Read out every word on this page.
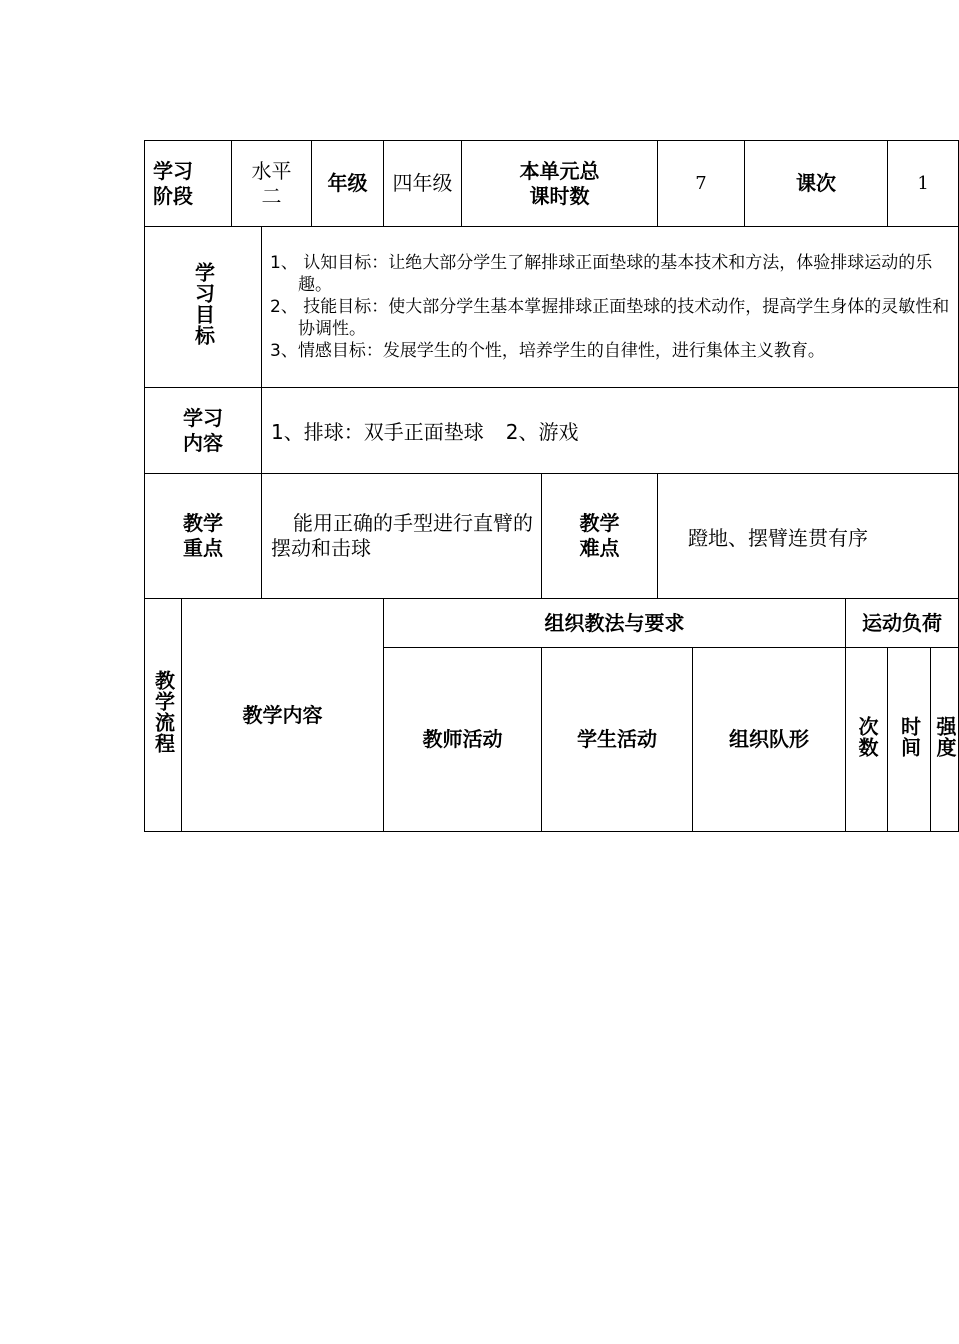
学习阶段		水平二		年级	四年级	本单元总课时数		7		课次		1	
学习目标			1、 认知目标：让绝大部分学生了解排球正面垫球的基本技术和方法，体验排球运动的乐趣。
2、 技能目标：使大部分学生基本掌握排球正面垫球的技术动作，提高学生身体的灵敏性和协调性。
3、情感目标：发展学生的个性，培养学生的自律性，进行集体主义教育。										

学习内容			1、排球：双手正面垫球 2、游戏										

教学重点			能用正确的手型进行直臂的摆动和击球				教学难点	蹬地、摆臂连贯有序					
教学流程	教学内容				组织教法与要求						运动负荷		
					教师活动		学生活动		组织队形		次数	时间	强度
